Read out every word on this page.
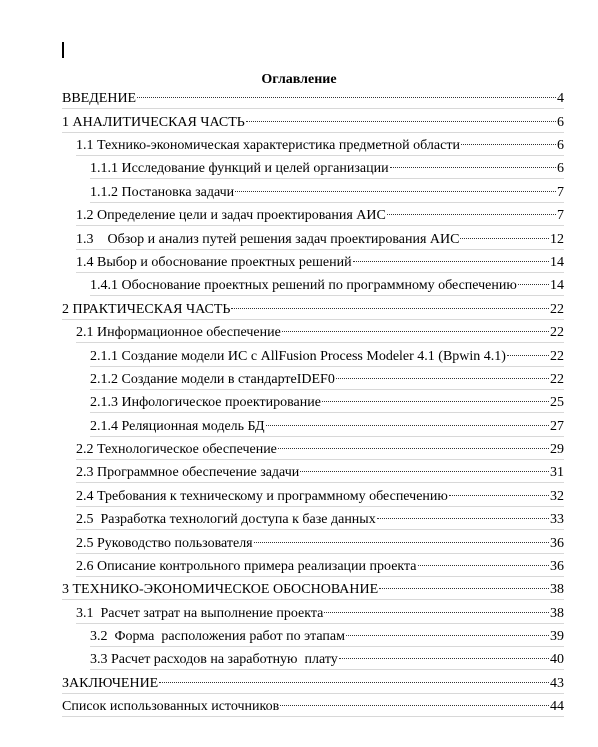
Оглавление
ВВЕДЕНИЕ	4
1 АНАЛИТИЧЕСКАЯ ЧАСТЬ	6
1.1 Технико-экономическая характеристика предметной области	6
1.1.1 Исследование функций и целей организации	6
1.1.2 Постановка задачи	7
1.2 Определение цели и задач проектирования АИС	7
1.3    Обзор и анализ путей решения задач проектирования АИС	12
1.4 Выбор и обоснование проектных решений	14
1.4.1 Обоснование проектных решений по программному обеспечению 14
2 ПРАКТИЧЕСКАЯ ЧАСТЬ	22
2.1 Информационное обеспечение	22
2.1.1 Создание модели ИС с AllFusion Process Modeler 4.1 (Bpwin 4.1)	22
2.1.2 Создание модели в стандартеIDEF0	22
2.1.3 Инфологическое проектирование	25
2.1.4 Реляционная модель БД	27
2.2 Технологическое обеспечение	29
2.3 Программное обеспечение задачи	31
2.4 Требования к техническому и программному обеспечению	32
2.5  Разработка технологий доступа к базе данных	33
2.5 Руководство пользователя	36
2.6 Описание контрольного примера реализации проекта	36
3 ТЕХНИКО-ЭКОНОМИЧЕСКОЕ ОБОСНОВАНИЕ	38
3.1  Расчет затрат на выполнение проекта	38
3.2  Форма  расположения работ по этапам	39
3.3 Расчет расходов на заработную  плату	40
ЗАКЛЮЧЕНИЕ	43
Список использованных источников	44
